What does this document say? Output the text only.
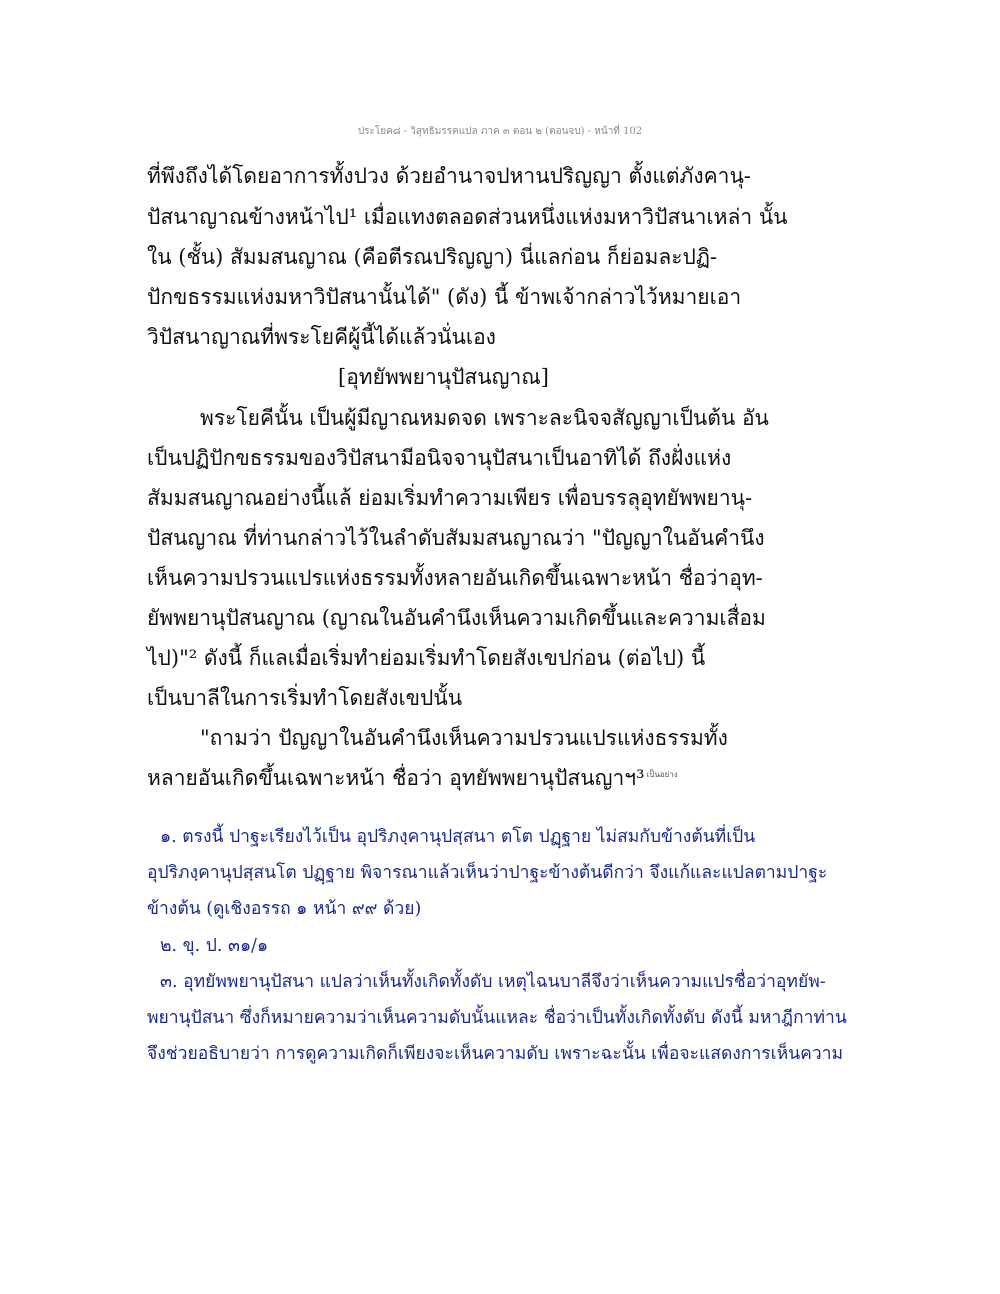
ประโยค๘ - วิสุทธิมรรคแปล ภาค ๓ ตอน ๒ (ตอนจบ) - หน้าที่ 102
ที่พึงถึงได้โดยอาการทั้งปวง ด้วยอำนาจปหานปริญญา ตั้งแต่ภังคานุ-
ปัสนาญาณข้างหน้าไป¹ เมื่อแทงตลอดส่วนหนึ่งแห่งมหาวิปัสนาเหล่า นั้น
ใน (ชั้น) สัมมสนญาณ (คือตีรณปริญญา) นี่แลก่อน ก็ย่อมละปฏิ-
ปักขธรรมแห่งมหาวิปัสนานั้นได้" (ดัง) นี้ ข้าพเจ้ากล่าวไว้หมายเอา
วิปัสนาญาณที่พระโยคีผู้นี้ได้แล้วนั่นเอง
[อุทยัพพยานุปัสนญาณ]
พระโยคีนั้น เป็นผู้มีญาณหมดจด เพราะละนิจจสัญญาเป็นต้น อัน
เป็นปฏิปักขธรรมของวิปัสนามีอนิจจานุปัสนาเป็นอาทิได้ ถึงฝั่งแห่ง
สัมมสนญาณอย่างนี้แล้ ย่อมเริ่มทำความเพียร เพื่อบรรลุอุทยัพพยานุ-
ปัสนญาณ ที่ท่านกล่าวไว้ในลำดับสัมมสนญาณว่า "ปัญญาในอันคำนึง
เห็นความปรวนแปรแห่งธรรมทั้งหลายอันเกิดขึ้นเฉพาะหน้า ชื่อว่าอุท-
ยัพพยานุปัสนญาณ (ญาณในอันคำนึงเห็นความเกิดขึ้นและความเสื่อม
ไป)"² ดังนี้ ก็แลเมื่อเริ่มทำย่อมเริ่มทำโดยสังเขปก่อน (ต่อไป) นี้
เป็นบาลีในการเริ่มทำโดยสังเขปนั้น
"ถามว่า ปัญญาในอันคำนึงเห็นความปรวนแปรแห่งธรรมทั้ง
หลายอันเกิดขึ้นเฉพาะหน้า ชื่อว่า อุทยัพพยานุปัสนญาฯ³ $^{เป็นอย่าง}$
๑. ตรงนี้ ปาฐะเรียงไว้เป็น อุปริภงฺคานุปสฺสนา ตโต ปฏฺฐาย ไม่สมกับข้างต้นที่เป็น
อุปริภงฺคานุปสฺสนโต ปฏฺฐาย พิจารณาแล้วเห็นว่าปาฐะข้างต้นดีกว่า จึงแก้และแปลตามปาฐะ
ข้างต้น (ดูเชิงอรรถ ๑ หน้า ๙๙ ด้วย)
๒. ขุ. ป. ๓๑/๑
๓. อุทยัพพยานุปัสนา แปลว่าเห็นทั้งเกิดทั้งดับ เหตุไฉนบาลีจึงว่าเห็นความแปรชื่อว่าอุทยัพ-
พยานุปัสนา ซึ่งก็หมายความว่าเห็นความดับนั้นแหละ ชื่อว่าเป็นทั้งเกิดทั้งดับ ดังนี้ มหาฎีกาท่าน
จึงช่วยอธิบายว่า การดูความเกิดก็เพียงจะเห็นความดับ เพราะฉะนั้น เพื่อจะแสดงการเห็นความ
